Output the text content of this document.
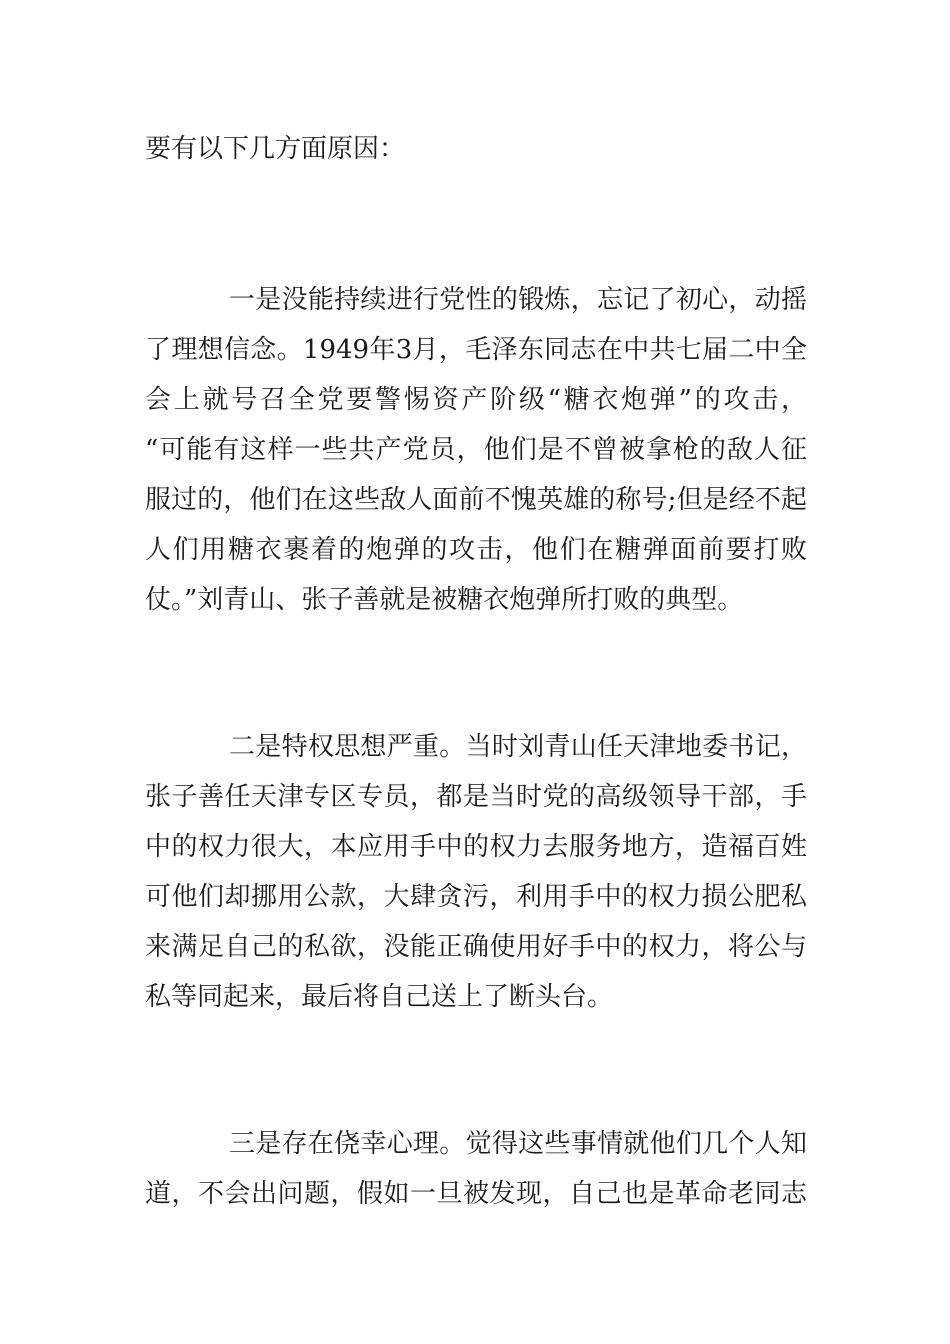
要有以下几方面原因：
一是没能持续进行党性的锻炼，忘记了初心，动摇
了理想信念。1949年3月，毛泽东同志在中共七届二中全
会上就号召全党要警惕资产阶级“糖衣炮弹”的攻击，
“可能有这样一些共产党员，他们是不曾被拿枪的敌人征
服过的，他们在这些敌人面前不愧英雄的称号;但是经不起
人们用糖衣裹着的炮弹的攻击，他们在糖弹面前要打败
仗。”刘青山、张子善就是被糖衣炮弹所打败的典型。
二是特权思想严重。当时刘青山任天津地委书记，
张子善任天津专区专员，都是当时党的高级领导干部，手
中的权力很大，本应用手中的权力去服务地方，造福百姓
可他们却挪用公款，大肆贪污，利用手中的权力损公肥私
来满足自己的私欲，没能正确使用好手中的权力，将公与
私等同起来，最后将自己送上了断头台。
三是存在侥幸心理。觉得这些事情就他们几个人知
道，不会出问题，假如一旦被发现，自己也是革命老同志
